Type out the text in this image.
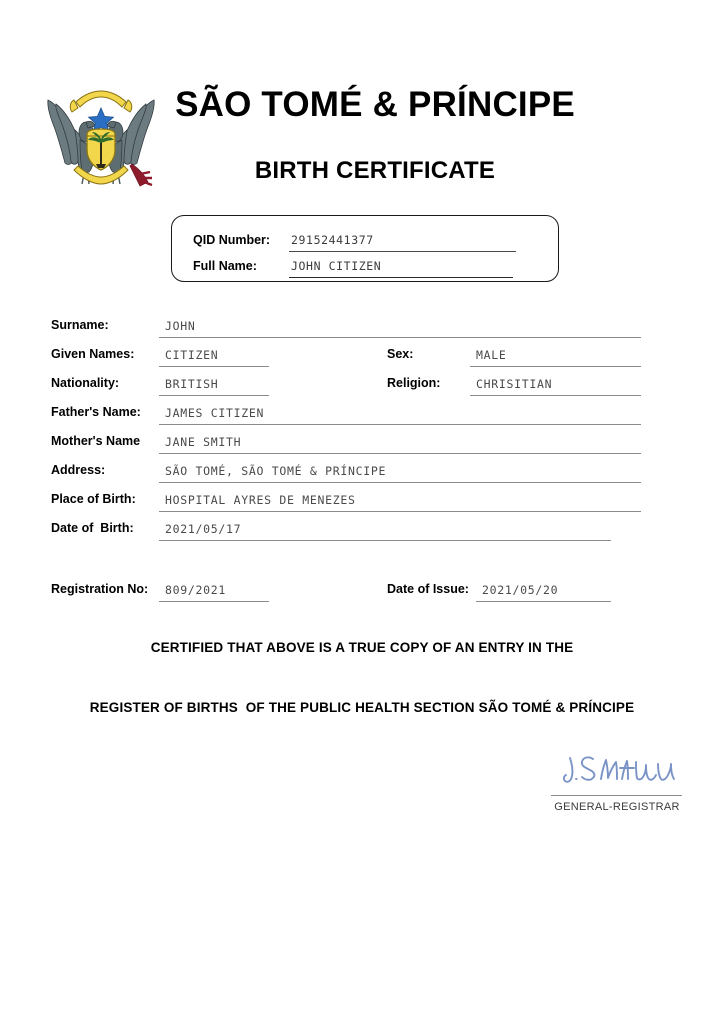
SÃO TOMÉ & PRÍNCIPE
BIRTH CERTIFICATE
QID Number: 29152441377
Full Name:	JOHN CITIZEN
Surname:	JOHN
Given Names:	CITIZEN	Sex:	MALE
Nationality:	BRITISH	Religion:	CHRISITIAN
Father's Name: JAMES CITIZEN
Mother's Name JANE SMITH
Address:	SÃO TOMÉ, SÃO TOMÉ & PRÍNCIPE
Place of Birth:	HOSPITAL AYRES DE MENEZES
Date of  Birth:	2021/05/17
Registration No: 809/2021	Date of Issue: 2021/05/20
CERTIFIED THAT ABOVE IS A TRUE COPY OF AN ENTRY IN THE
REGISTER OF BIRTHS  OF THE PUBLIC HEALTH SECTION SÃO TOMÉ & PRÍNCIPE
GENERAL-REGISTRAR
